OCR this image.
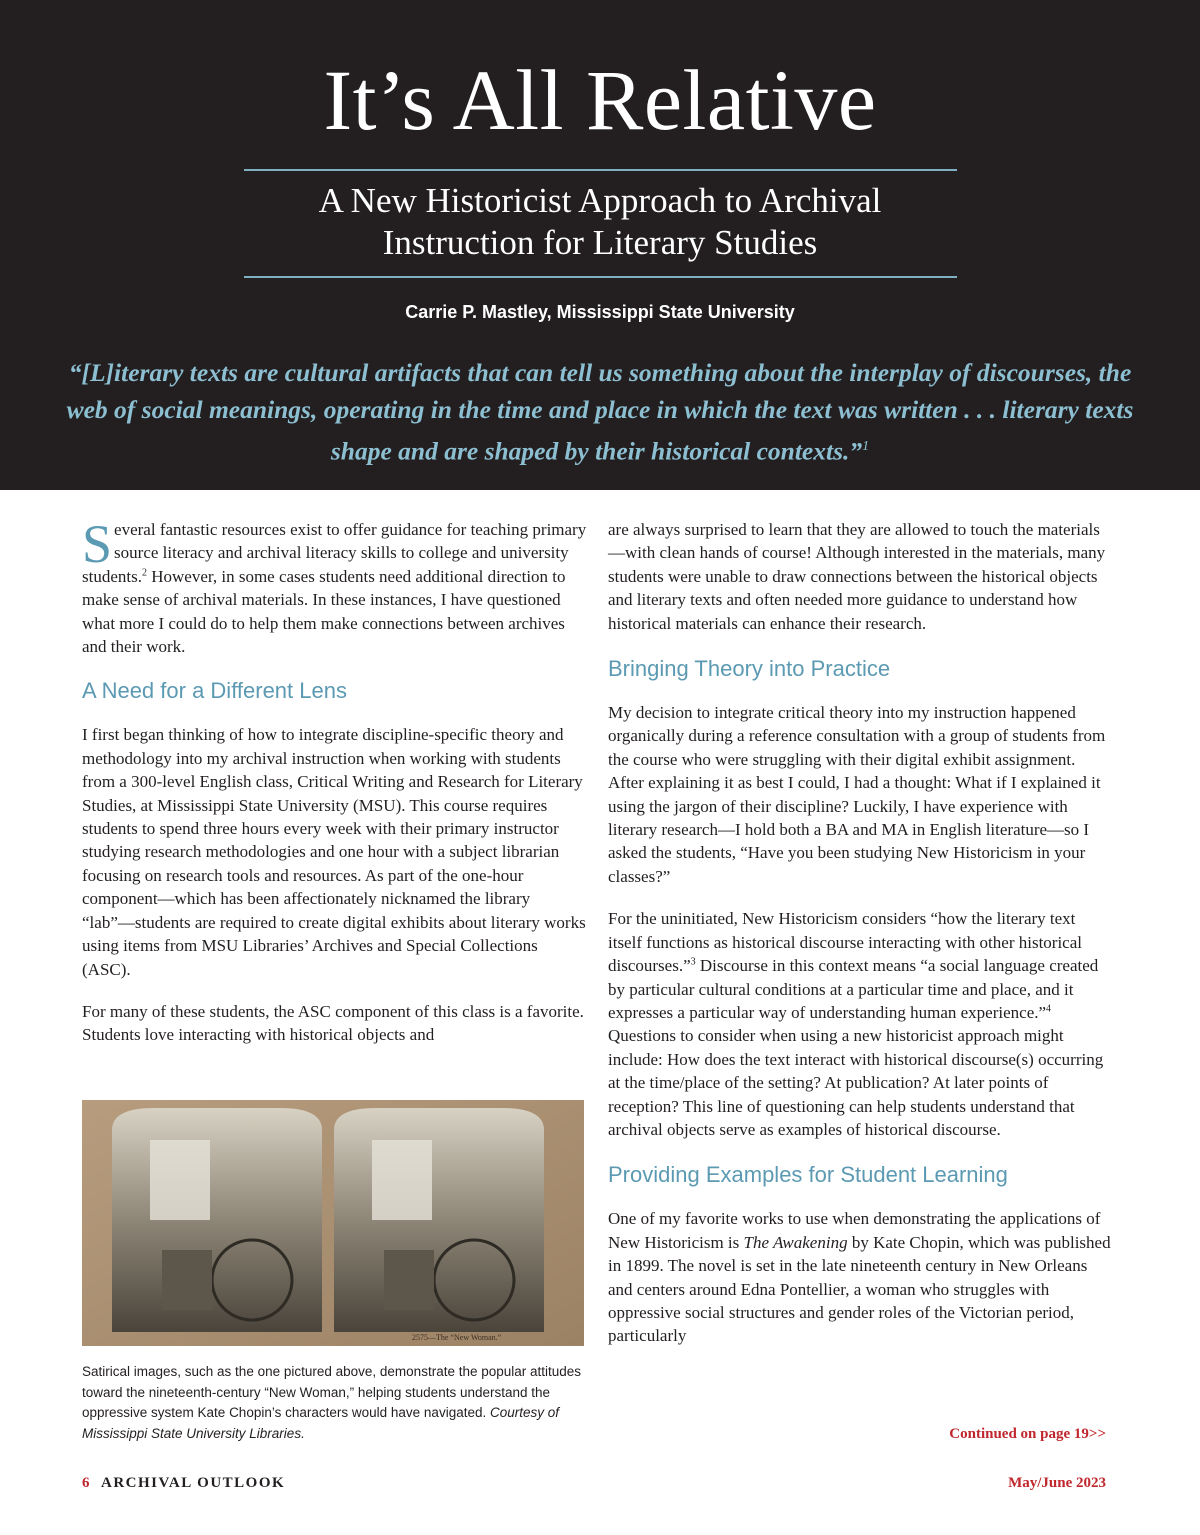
It’s All Relative
A New Historicist Approach to Archival
Instruction for Literary Studies
Carrie P. Mastley, Mississippi State University
“[L]iterary texts are cultural artifacts that can tell us something about the interplay of discourses, the web of social meanings, operating in the time and place in which the text was written . . . literary texts shape and are shaped by their historical contexts.”$^1$

Several fantastic resources exist to offer guidance for teaching primary source literacy and archival literacy skills to college and university students.$^2$ However, in some cases students need additional direction to make sense of archival materials. In these instances, I have questioned what more I could do to help them make connections between archives and their work.

A Need for a Different Lens

I first began thinking of how to integrate discipline-specific theory and methodology into my archival instruction when working with students from a 300-level English class, Critical Writing and Research for Literary Studies, at Mississippi State University (MSU). This course requires students to spend three hours every week with their primary instructor studying research methodologies and one hour with a subject librarian focusing on research tools and resources. As part of the one-hour component—which has been affectionately nicknamed the library “lab”—students are required to create digital exhibits about literary works using items from MSU Libraries’ Archives and Special Collections (ASC).

For many of these students, the ASC component of this class is a favorite. Students love interacting with historical objects and

2575—The “New Woman.”
Satirical images, such as the one pictured above, demonstrate the popular attitudes toward the nineteenth-century “New Woman,” helping students understand the oppressive system Kate Chopin’s characters would have navigated. Courtesy of Mississippi State University Libraries.

are always surprised to learn that they are allowed to touch the materials—with clean hands of course! Although interested in the materials, many students were unable to draw connections between the historical objects and literary texts and often needed more guidance to understand how historical materials can enhance their research.

Bringing Theory into Practice

My decision to integrate critical theory into my instruction happened organically during a reference consultation with a group of students from the course who were struggling with their digital exhibit assignment. After explaining it as best I could, I had a thought: What if I explained it using the jargon of their discipline? Luckily, I have experience with literary research—I hold both a BA and MA in English literature—so I asked the students, “Have you been studying New Historicism in your classes?”

For the uninitiated, New Historicism considers “how the literary text itself functions as historical discourse interacting with other historical discourses.”$^3$ Discourse in this context means “a social language created by particular cultural conditions at a particular time and place, and it expresses a particular way of understanding human experience.”$^4$ Questions to consider when using a new historicist approach might include: How does the text interact with historical discourse(s) occurring at the time/place of the setting? At publication? At later points of reception? This line of questioning can help students understand that archival objects serve as examples of historical discourse.

Providing Examples for Student Learning

One of my favorite works to use when demonstrating the applications of New Historicism is The Awakening by Kate Chopin, which was published in 1899. The novel is set in the late nineteenth century in New Orleans and centers around Edna Pontellier, a woman who struggles with oppressive social structures and gender roles of the Victorian period, particularly

Continued on page 19>>
6 ARCHIVAL OUTLOOK	May/June 2023
